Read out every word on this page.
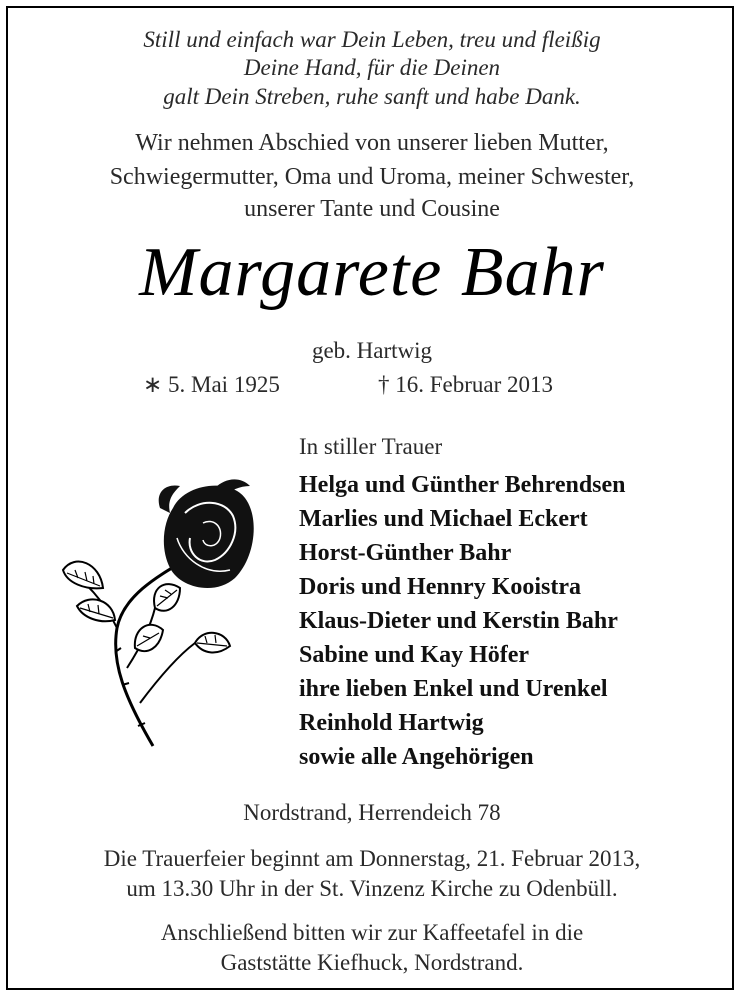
Still und einfach war Dein Leben, treu und fleißig
Deine Hand, für die Deinen
galt Dein Streben, ruhe sanft und habe Dank.
Wir nehmen Abschied von unserer lieben Mutter,
Schwiegermutter, Oma und Uroma, meiner Schwester,
unserer Tante und Cousine
Margarete Bahr
geb. Hartwig
∗ 5. Mai 1925	† 16. Februar 2013
In stiller Trauer
Helga und Günther Behrendsen
Marlies und Michael Eckert
Horst-Günther Bahr
Doris und Hennry Kooistra
Klaus-Dieter und Kerstin Bahr
Sabine und Kay Höfer
ihre lieben Enkel und Urenkel
Reinhold Hartwig
sowie alle Angehörigen
Nordstrand, Herrendeich 78
Die Trauerfeier beginnt am Donnerstag, 21. Februar 2013,
um 13.30 Uhr in der St. Vinzenz Kirche zu Odenbüll.
Anschließend bitten wir zur Kaffeetafel in die
Gaststätte Kiefhuck, Nordstrand.
